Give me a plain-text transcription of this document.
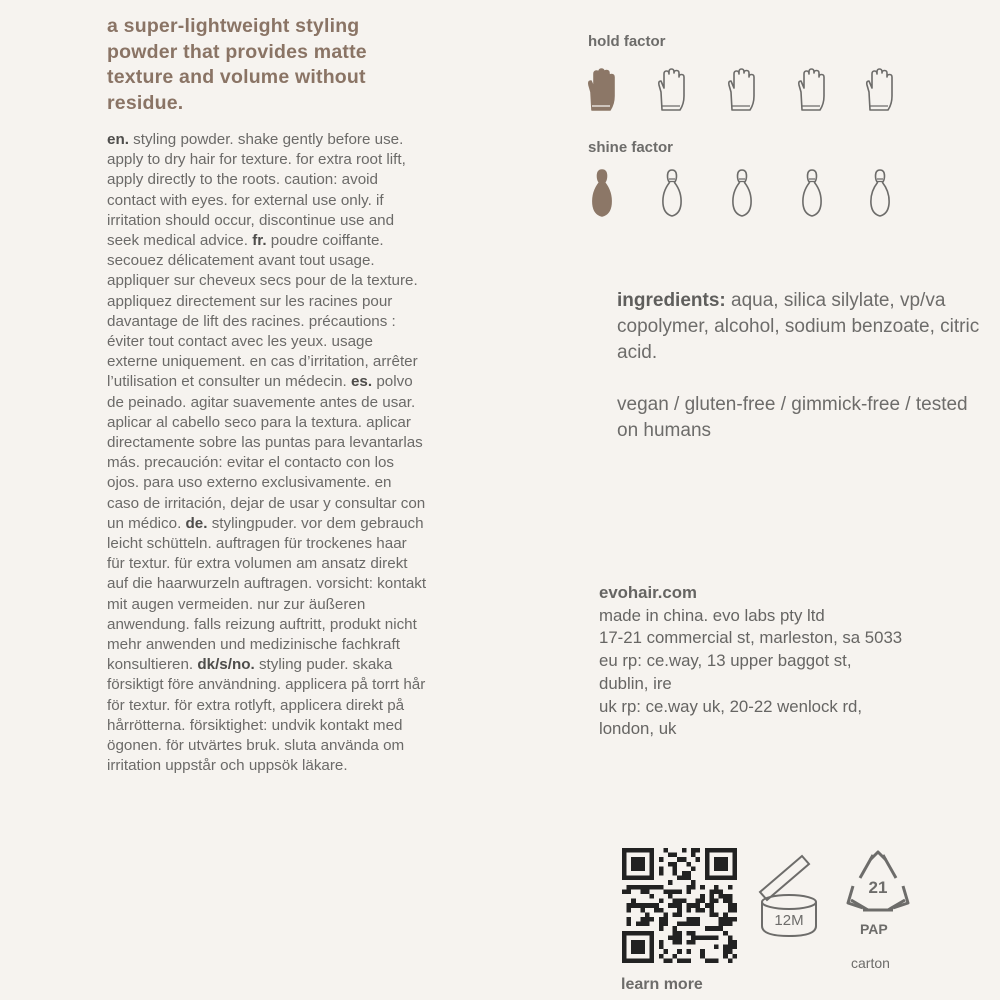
a super-lightweight styling powder that provides matte texture and volume without residue.

en. styling powder. shake gently before use. apply to dry hair for texture. for extra root lift, apply directly to the roots. caution: avoid contact with eyes. for external use only. if irritation should occur, discontinue use and seek medical advice. fr. poudre coiffante. secouez délicatement avant tout usage. appliquer sur cheveux secs pour de la texture. appliquez directement sur les racines pour davantage de lift des racines. précautions : éviter tout contact avec les yeux. usage externe uniquement. en cas d’irritation, arrêter l’utilisation et consulter un médecin. es. polvo de peinado. agitar suavemente antes de usar. aplicar al cabello seco para la textura. aplicar directamente sobre las puntas para levantarlas más. precaución: evitar el contacto con los ojos. para uso externo exclusivamente. en caso de irritación, dejar de usar y consultar con un médico. de. stylingpuder. vor dem gebrauch leicht schütteln. auftragen für trockenes haar für textur. für extra volumen am ansatz direkt auf die haarwurzeln auftragen. vorsicht: kontakt mit augen vermeiden. nur zur äußeren anwendung. falls reizung auftritt, produkt nicht mehr anwenden und medizinische fachkraft konsultieren. dk/s/no. styling puder. skaka försiktigt före användning. applicera på torrt hår för textur. för extra rotlyft, applicera direkt på hårrötterna. försiktighet: undvik kontakt med ögonen. för utvärtes bruk. sluta använda om irritation uppstår och uppsök läkare.

hold factor
shine factor

ingredients: aqua, silica silylate, vp/va copolymer, alcohol, sodium benzoate, citric acid.

vegan / gluten-free / gimmick-free / tested on humans

evohair.com
made in china. evo labs pty ltd
17-21 commercial st, marleston, sa 5033
eu rp: ce.way, 13 upper baggot st,
dublin, ire
uk rp: ce.way uk, 20-22 wenlock rd,
london, uk
learn more
12M
21
PAP
carton
